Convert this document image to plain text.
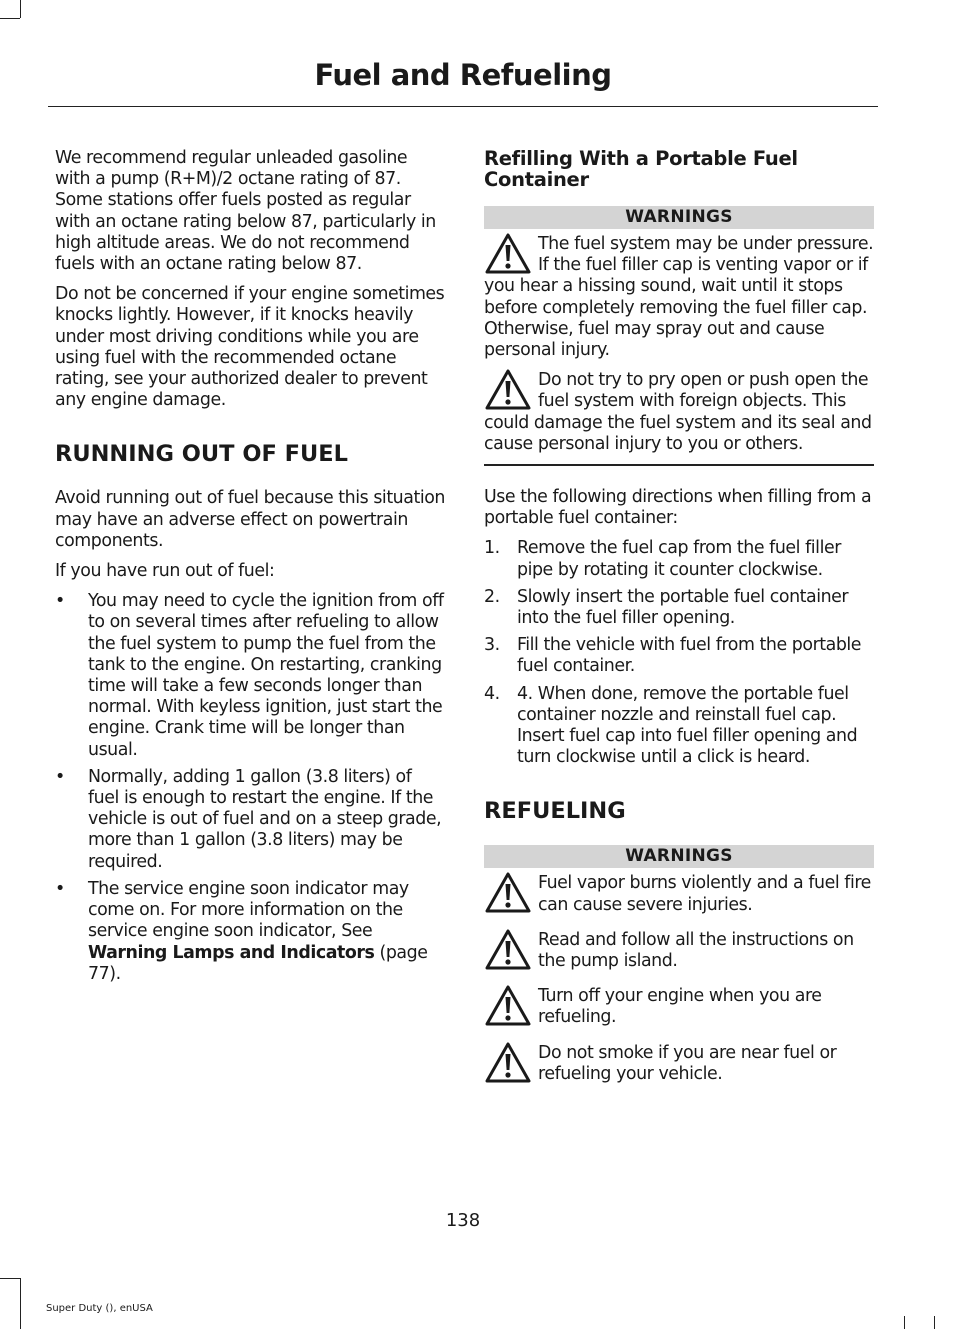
Fuel and Refueling

We recommend regular unleaded gasoline with a pump (R+M)/2 octane rating of 87. Some stations offer fuels posted as regular with an octane rating below 87, particularly in high altitude areas. We do not recommend fuels with an octane rating below 87.

Do not be concerned if your engine sometimes knocks lightly. However, if it knocks heavily under most driving conditions while you are using fuel with the recommended octane rating, see your authorized dealer to prevent any engine damage.

RUNNING OUT OF FUEL

Avoid running out of fuel because this situation may have an adverse effect on powertrain components.

If you have run out of fuel:

• You may need to cycle the ignition from off to on several times after refueling to allow the fuel system to pump the fuel from the tank to the engine. On restarting, cranking time will take a few seconds longer than normal. With keyless ignition, just start the engine. Crank time will be longer than usual.
• Normally, adding 1 gallon (3.8 liters) of fuel is enough to restart the engine. If the vehicle is out of fuel and on a steep grade, more than 1 gallon (3.8 liters) may be required.
• The service engine soon indicator may come on. For more information on the service engine soon indicator, See Warning Lamps and Indicators (page 77).
Refilling With a Portable Fuel Container
WARNINGS
The fuel system may be under pressure. If the fuel filler cap is venting vapor or if you hear a hissing sound, wait until it stops before completely removing the fuel filler cap. Otherwise, fuel may spray out and cause personal injury.
Do not try to pry open or push open the fuel system with foreign objects. This could damage the fuel system and its seal and cause personal injury to you or others.

Use the following directions when filling from a portable fuel container:

1. Remove the fuel cap from the fuel filler pipe by rotating it counter clockwise.
2. Slowly insert the portable fuel container into the fuel filler opening.
3. Fill the vehicle with fuel from the portable fuel container.
4. 4. When done, remove the portable fuel container nozzle and reinstall fuel cap. Insert fuel cap into fuel filler opening and turn clockwise until a click is heard.
REFUELING
WARNINGS
Fuel vapor burns violently and a fuel fire can cause severe injuries.
Read and follow all the instructions on the pump island.
Turn off your engine when you are refueling.
Do not smoke if you are near fuel or refueling your vehicle.
138
Super Duty (), enUSA
